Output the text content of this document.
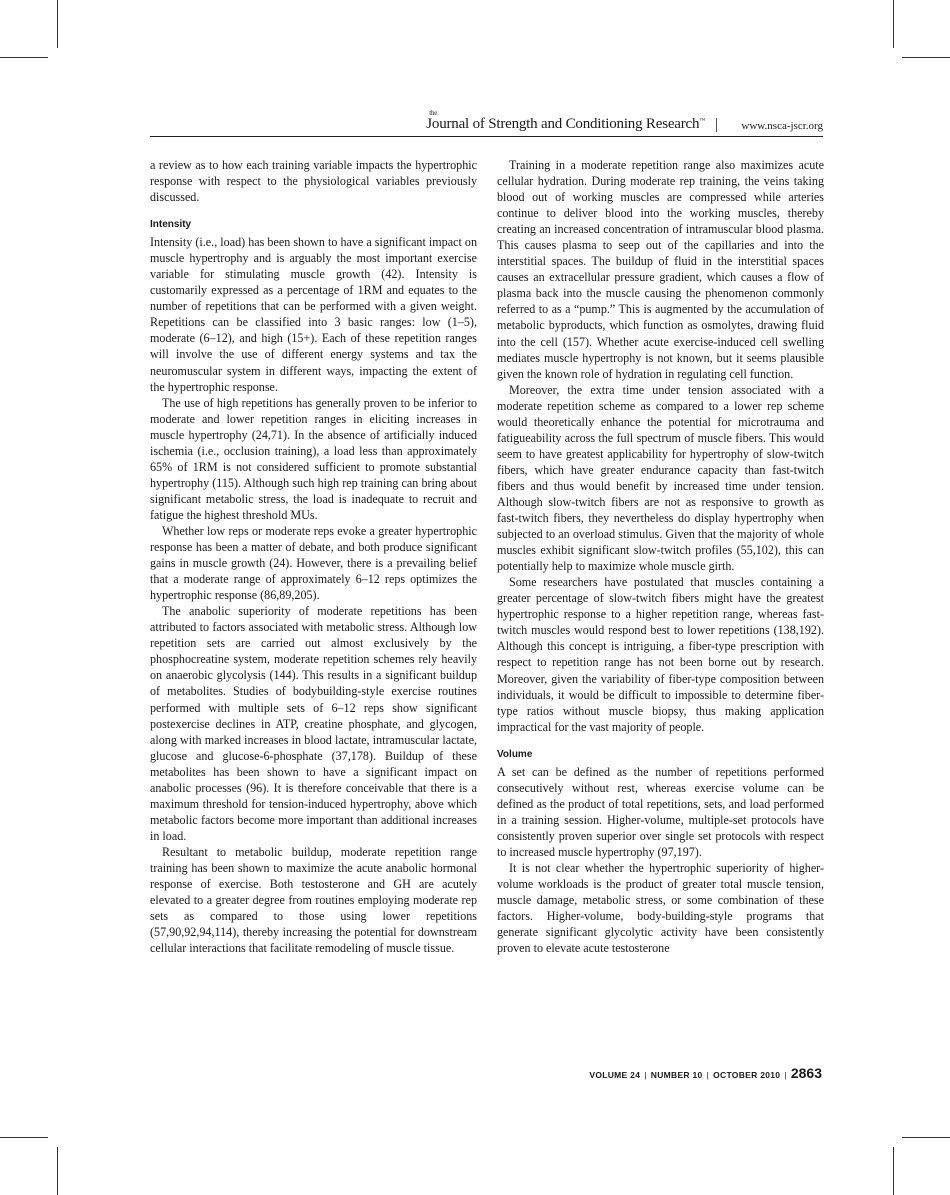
the
Journal of Strength and Conditioning Research™	www.nsca-jscr.org

a review as to how each training variable impacts the hypertrophic response with respect to the physiological variables previously discussed.

Intensity

Intensity (i.e., load) has been shown to have a significant impact on muscle hypertrophy and is arguably the most important exercise variable for stimulating muscle growth (42). Intensity is customarily expressed as a percentage of 1RM and equates to the number of repetitions that can be performed with a given weight. Repetitions can be classified into 3 basic ranges: low (1–5), moderate (6–12), and high (15+). Each of these repetition ranges will involve the use of different energy systems and tax the neuromuscular system in different ways, impacting the extent of the hypertrophic response.

The use of high repetitions has generally proven to be inferior to moderate and lower repetition ranges in eliciting increases in muscle hypertrophy (24,71). In the absence of artificially induced ischemia (i.e., occlusion training), a load less than approximately 65% of 1RM is not considered sufficient to promote substantial hypertrophy (115). Although such high rep training can bring about significant metabolic stress, the load is inadequate to recruit and fatigue the highest threshold MUs.

Whether low reps or moderate reps evoke a greater hypertrophic response has been a matter of debate, and both produce significant gains in muscle growth (24). However, there is a prevailing belief that a moderate range of approximately 6–12 reps optimizes the hypertrophic response (86,89,205).

The anabolic superiority of moderate repetitions has been attributed to factors associated with metabolic stress. Although low repetition sets are carried out almost exclusively by the phosphocreatine system, moderate repetition schemes rely heavily on anaerobic glycolysis (144). This results in a significant buildup of metabolites. Studies of bodybuilding-style exercise routines performed with multiple sets of 6–12 reps show significant postexercise declines in ATP, creatine phosphate, and glycogen, along with marked increases in blood lactate, intramuscular lactate, glucose and glucose-6-phosphate (37,178). Buildup of these metabolites has been shown to have a significant impact on anabolic processes (96). It is therefore conceivable that there is a maximum threshold for tension-induced hypertrophy, above which metabolic factors become more important than additional increases in load.

Resultant to metabolic buildup, moderate repetition range training has been shown to maximize the acute anabolic hormonal response of exercise. Both testosterone and GH are acutely elevated to a greater degree from routines employing moderate rep sets as compared to those using lower repetitions (57,90,92,94,114), thereby increasing the potential for downstream cellular interactions that facilitate remodeling of muscle tissue.

Training in a moderate repetition range also maximizes acute cellular hydration. During moderate rep training, the veins taking blood out of working muscles are compressed while arteries continue to deliver blood into the working muscles, thereby creating an increased concentration of intramuscular blood plasma. This causes plasma to seep out of the capillaries and into the interstitial spaces. The buildup of fluid in the interstitial spaces causes an extracellular pressure gradient, which causes a flow of plasma back into the muscle causing the phenomenon commonly referred to as a “pump.” This is augmented by the accumulation of metabolic byproducts, which function as osmolytes, drawing fluid into the cell (157). Whether acute exercise-induced cell swelling mediates muscle hypertrophy is not known, but it seems plausible given the known role of hydration in regulating cell function.

Moreover, the extra time under tension associated with a moderate repetition scheme as compared to a lower rep scheme would theoretically enhance the potential for microtrauma and fatigueability across the full spectrum of muscle fibers. This would seem to have greatest applicability for hypertrophy of slow-twitch fibers, which have greater endurance capacity than fast-twitch fibers and thus would benefit by increased time under tension. Although slow-twitch fibers are not as responsive to growth as fast-twitch fibers, they nevertheless do display hypertrophy when subjected to an overload stimulus. Given that the majority of whole muscles exhibit significant slow-twitch profiles (55,102), this can potentially help to maximize whole muscle girth.

Some researchers have postulated that muscles containing a greater percentage of slow-twitch fibers might have the greatest hypertrophic response to a higher repetition range, whereas fast-twitch muscles would respond best to lower repetitions (138,192). Although this concept is intriguing, a fiber-type prescription with respect to repetition range has not been borne out by research. Moreover, given the variability of fiber-type composition between individuals, it would be difficult to impossible to determine fiber-type ratios without muscle biopsy, thus making application impractical for the vast majority of people.

Volume

A set can be defined as the number of repetitions performed consecutively without rest, whereas exercise volume can be defined as the product of total repetitions, sets, and load performed in a training session. Higher-volume, multiple-set protocols have consistently proven superior over single set protocols with respect to increased muscle hypertrophy (97,197).

It is not clear whether the hypertrophic superiority of higher-volume workloads is the product of greater total muscle tension, muscle damage, metabolic stress, or some combination of these factors. Higher-volume, body-building-style programs that generate significant glycolytic activity have been consistently proven to elevate acute testosterone

VOLUME 24 | NUMBER 10 | OCTOBER 2010 | 2863
